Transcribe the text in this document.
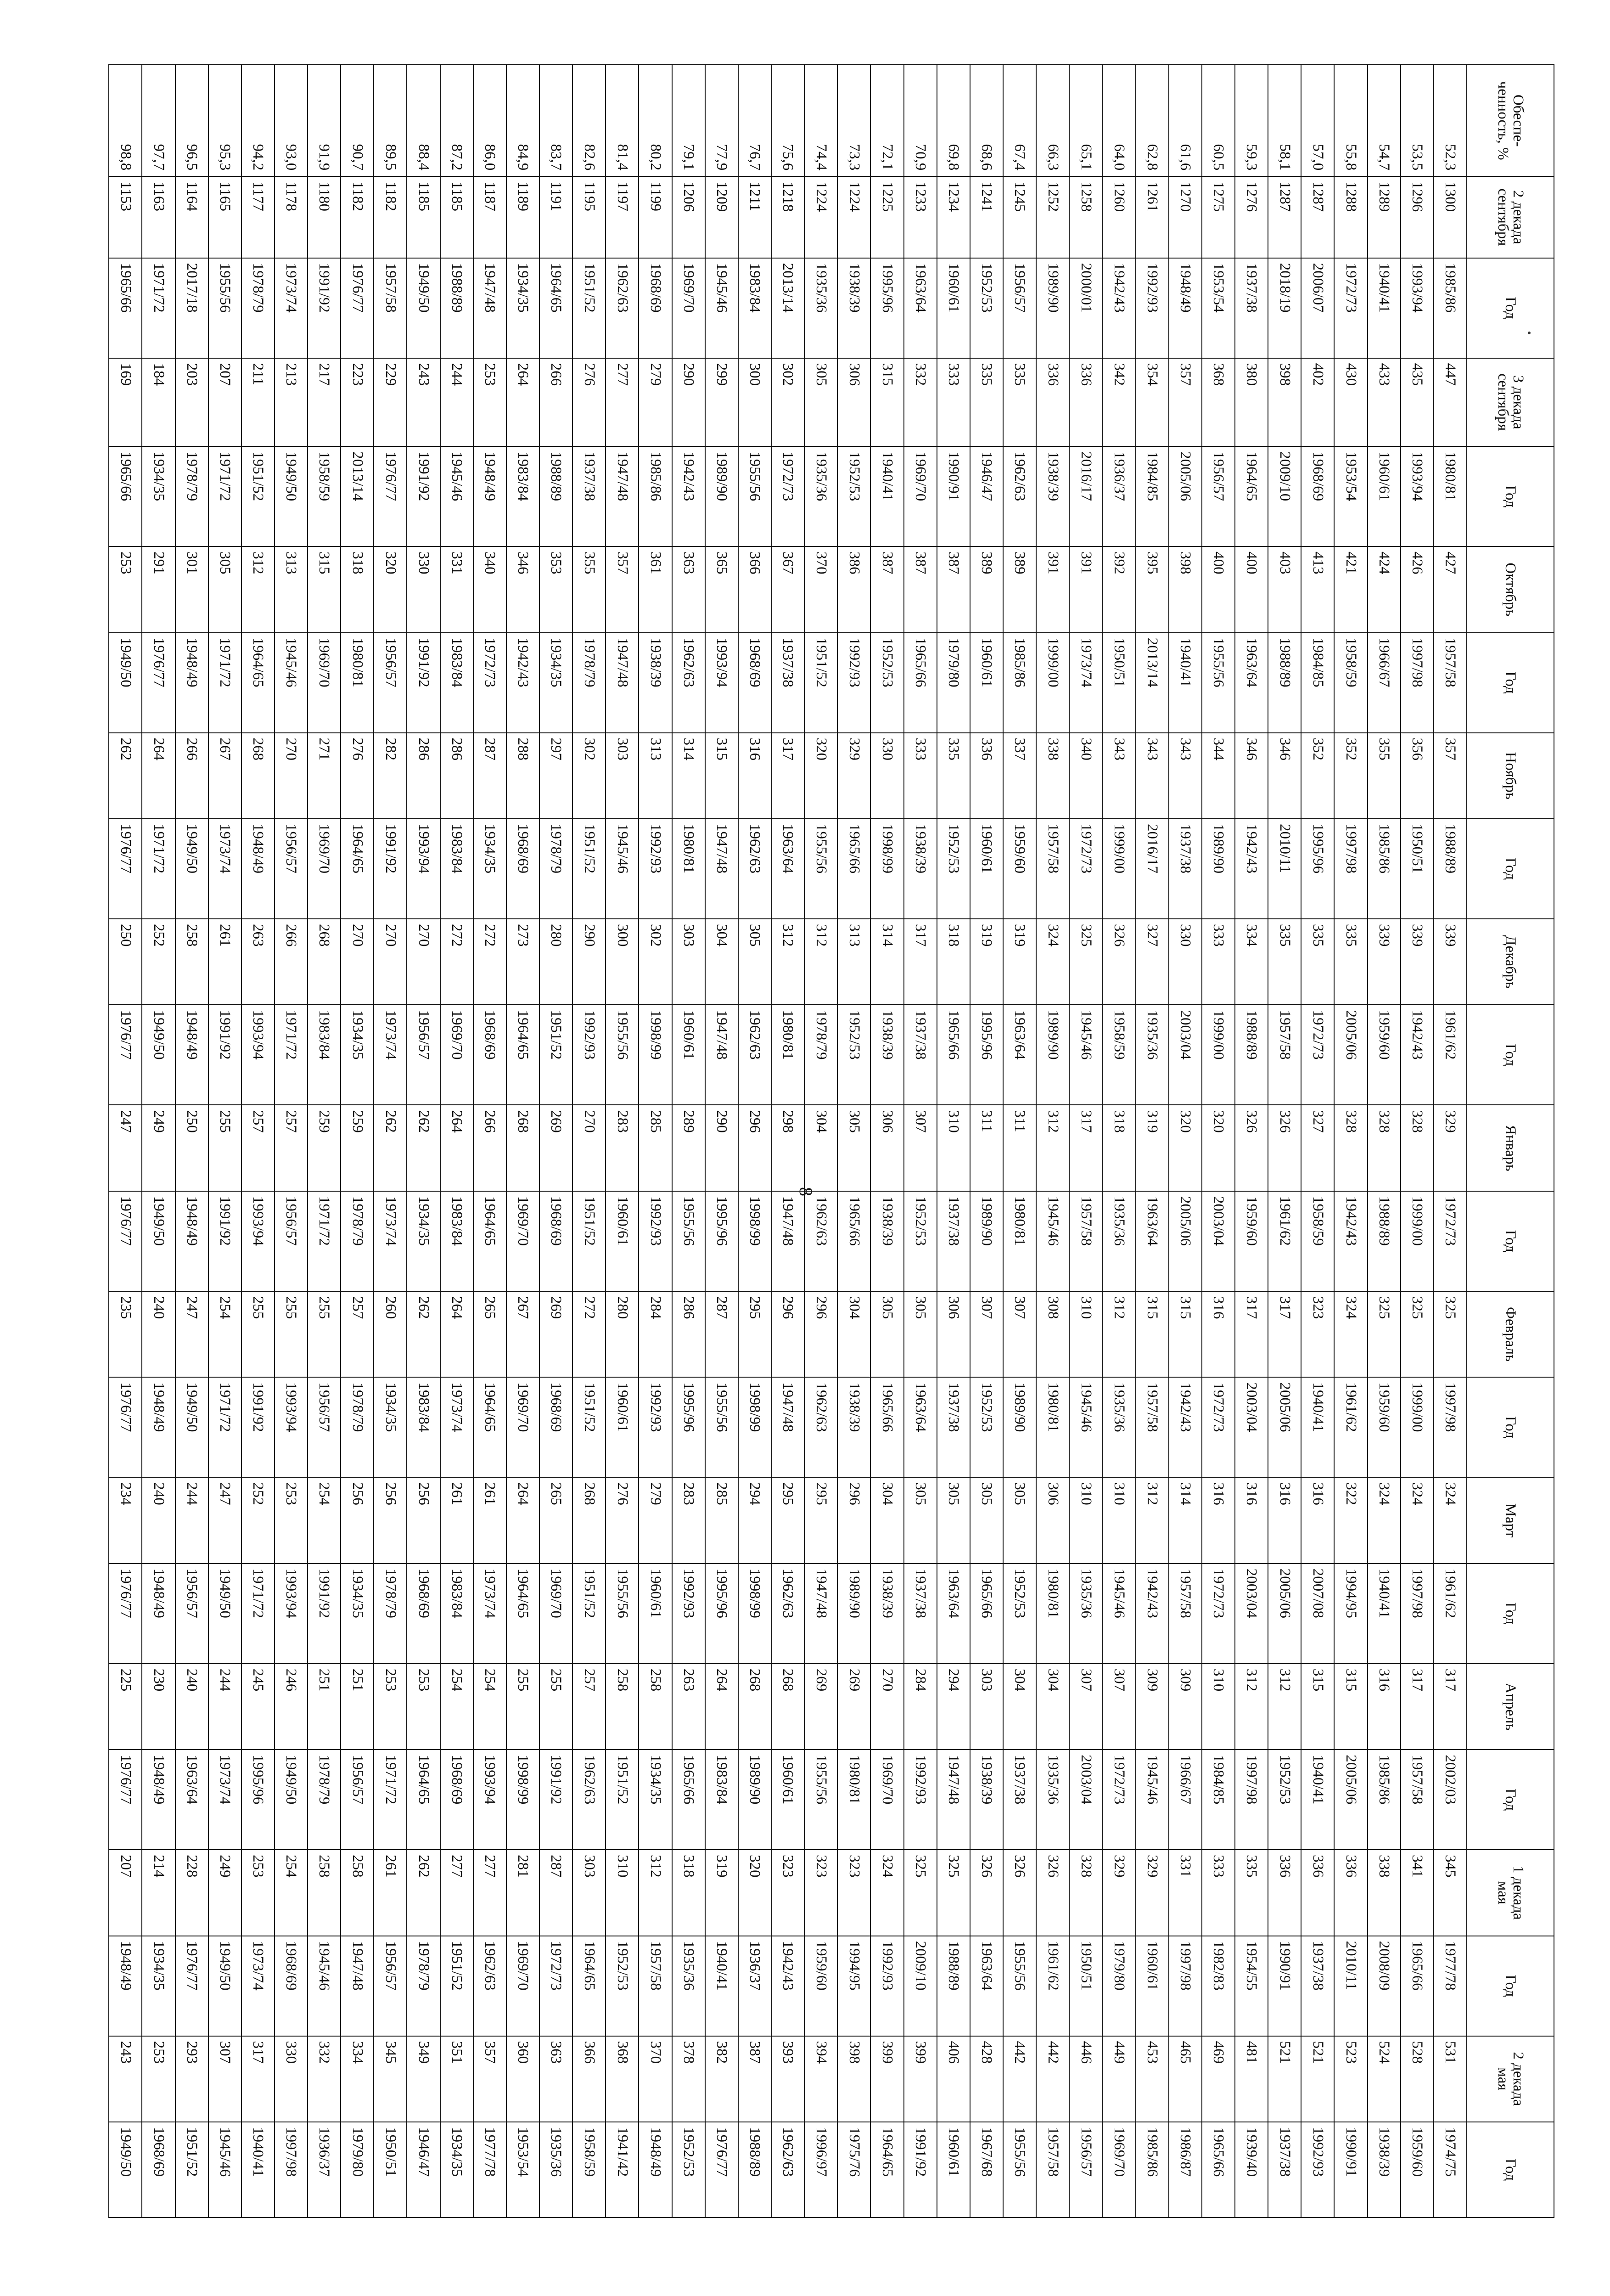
8
Обеспе-ченность, %	2 декада сентября	Год	3 декада сентября	Год	Октябрь	Год	Ноябрь	Год	Декабрь	Год	Январь	Год	Февраль	Год	Март	Год	Апрель	Год	1 декада мая	Год	2 декада мая	Год
52,3	1300	1985/86	447	1980/81	427	1957/58	357	1988/89	339	1961/62	329	1972/73	325	1997/98	324	1961/62	317	2002/03	345	1977/78	531	1974/75
53,5	1296	1993/94	435	1993/94	426	1997/98	356	1950/51	339	1942/43	328	1999/00	325	1999/00	324	1997/98	317	1957/58	341	1965/66	528	1959/60
54,7	1289	1940/41	433	1960/61	424	1966/67	355	1985/86	339	1959/60	328	1988/89	325	1959/60	324	1940/41	316	1985/86	338	2008/09	524	1938/39
55,8	1288	1972/73	430	1953/54	421	1958/59	352	1997/98	335	2005/06	328	1942/43	324	1961/62	322	1994/95	315	2005/06	336	2010/11	523	1990/91
57,0	1287	2006/07	402	1968/69	413	1984/85	352	1995/96	335	1972/73	327	1958/59	323	1940/41	316	2007/08	315	1940/41	336	1937/38	521	1992/93
58,1	1287	2018/19	398	2009/10	403	1988/89	346	2010/11	335	1957/58	326	1961/62	317	2005/06	316	2005/06	312	1952/53	336	1990/91	521	1937/38
59,3	1276	1937/38	380	1964/65	400	1963/64	346	1942/43	334	1988/89	326	1959/60	317	2003/04	316	2003/04	312	1997/98	335	1954/55	481	1939/40
60,5	1275	1953/54	368	1956/57	400	1955/56	344	1989/90	333	1999/00	320	2003/04	316	1972/73	316	1972/73	310	1984/85	333	1982/83	469	1965/66
61,6	1270	1948/49	357	2005/06	398	1940/41	343	1937/38	330	2003/04	320	2005/06	315	1942/43	314	1957/58	309	1966/67	331	1997/98	465	1986/87
62,8	1261	1992/93	354	1984/85	395	2013/14	343	2016/17	327	1935/36	319	1963/64	315	1957/58	312	1942/43	309	1945/46	329	1960/61	453	1985/86
64,0	1260	1942/43	342	1936/37	392	1950/51	343	1999/00	326	1958/59	318	1935/36	312	1935/36	310	1945/46	307	1972/73	329	1979/80	449	1969/70
65,1	1258	2000/01	336	2016/17	391	1973/74	340	1972/73	325	1945/46	317	1957/58	310	1945/46	310	1935/36	307	2003/04	328	1950/51	446	1956/57
66,3	1252	1989/90	336	1938/39	391	1999/00	338	1957/58	324	1989/90	312	1945/46	308	1980/81	306	1980/81	304	1935/36	326	1961/62	442	1957/58
67,4	1245	1956/57	335	1962/63	389	1985/86	337	1959/60	319	1963/64	311	1980/81	307	1989/90	305	1952/53	304	1937/38	326	1955/56	442	1955/56
68,6	1241	1952/53	335	1946/47	389	1960/61	336	1960/61	319	1995/96	311	1989/90	307	1952/53	305	1965/66	303	1938/39	326	1963/64	428	1967/68
69,8	1234	1960/61	333	1990/91	387	1979/80	335	1952/53	318	1965/66	310	1937/38	306	1937/38	305	1963/64	294	1947/48	325	1988/89	406	1960/61
70,9	1233	1963/64	332	1969/70	387	1965/66	333	1938/39	317	1937/38	307	1952/53	305	1963/64	305	1937/38	284	1992/93	325	2009/10	399	1991/92
72,1	1225	1995/96	315	1940/41	387	1952/53	330	1998/99	314	1938/39	306	1938/39	305	1965/66	304	1938/39	270	1969/70	324	1992/93	399	1964/65
73,3	1224	1938/39	306	1952/53	386	1992/93	329	1965/66	313	1952/53	305	1965/66	304	1938/39	296	1989/90	269	1980/81	323	1994/95	398	1975/76
74,4	1224	1935/36	305	1935/36	370	1951/52	320	1955/56	312	1978/79	304	1962/63	296	1962/63	295	1947/48	269	1955/56	323	1959/60	394	1996/97
75,6	1218	2013/14	302	1972/73	367	1937/38	317	1963/64	312	1980/81	298	1947/48	296	1947/48	295	1962/63	268	1960/61	323	1942/43	393	1962/63
76,7	1211	1983/84	300	1955/56	366	1968/69	316	1962/63	305	1962/63	296	1998/99	295	1998/99	294	1998/99	268	1989/90	320	1936/37	387	1988/89
77,9	1209	1945/46	299	1989/90	365	1993/94	315	1947/48	304	1947/48	290	1995/96	287	1955/56	285	1995/96	264	1983/84	319	1940/41	382	1976/77
79,1	1206	1969/70	290	1942/43	363	1962/63	314	1980/81	303	1960/61	289	1955/56	286	1995/96	283	1992/93	263	1965/66	318	1935/36	378	1952/53
80,2	1199	1968/69	279	1985/86	361	1938/39	313	1992/93	302	1998/99	285	1992/93	284	1992/93	279	1960/61	258	1934/35	312	1957/58	370	1948/49
81,4	1197	1962/63	277	1947/48	357	1947/48	303	1945/46	300	1955/56	283	1960/61	280	1960/61	276	1955/56	258	1951/52	310	1952/53	368	1941/42
82,6	1195	1951/52	276	1937/38	355	1978/79	302	1951/52	290	1992/93	270	1951/52	272	1951/52	268	1951/52	257	1962/63	303	1964/65	366	1958/59
83,7	1191	1964/65	266	1988/89	353	1934/35	297	1978/79	280	1951/52	269	1968/69	269	1968/69	265	1969/70	255	1991/92	287	1972/73	363	1935/36
84,9	1189	1934/35	264	1983/84	346	1942/43	288	1968/69	273	1964/65	268	1969/70	267	1969/70	264	1964/65	255	1998/99	281	1969/70	360	1953/54
86,0	1187	1947/48	253	1948/49	340	1972/73	287	1934/35	272	1968/69	266	1964/65	265	1964/65	261	1973/74	254	1993/94	277	1962/63	357	1977/78
87,2	1185	1988/89	244	1945/46	331	1983/84	286	1983/84	272	1969/70	264	1983/84	264	1973/74	261	1983/84	254	1968/69	277	1951/52	351	1934/35
88,4	1185	1949/50	243	1991/92	330	1991/92	286	1993/94	270	1956/57	262	1934/35	262	1983/84	256	1968/69	253	1964/65	262	1978/79	349	1946/47
89,5	1182	1957/58	229	1976/77	320	1956/57	282	1991/92	270	1973/74	262	1973/74	260	1934/35	256	1978/79	253	1971/72	261	1956/57	345	1950/51
90,7	1182	1976/77	223	2013/14	318	1980/81	276	1964/65	270	1934/35	259	1978/79	257	1978/79	256	1934/35	251	1956/57	258	1947/48	334	1979/80
91,9	1180	1991/92	217	1958/59	315	1969/70	271	1969/70	268	1983/84	259	1971/72	255	1956/57	254	1991/92	251	1978/79	258	1945/46	332	1936/37
93,0	1178	1973/74	213	1949/50	313	1945/46	270	1956/57	266	1971/72	257	1956/57	255	1993/94	253	1993/94	246	1949/50	254	1968/69	330	1997/98
94,2	1177	1978/79	211	1951/52	312	1964/65	268	1948/49	263	1993/94	257	1993/94	255	1991/92	252	1971/72	245	1995/96	253	1973/74	317	1940/41
95,3	1165	1955/56	207	1971/72	305	1971/72	267	1973/74	261	1991/92	255	1991/92	254	1971/72	247	1949/50	244	1973/74	249	1949/50	307	1945/46
96,5	1164	2017/18	203	1978/79	301	1948/49	266	1949/50	258	1948/49	250	1948/49	247	1949/50	244	1956/57	240	1963/64	228	1976/77	293	1951/52
97,7	1163	1971/72	184	1934/35	291	1976/77	264	1971/72	252	1949/50	249	1949/50	240	1948/49	240	1948/49	230	1948/49	214	1934/35	253	1968/69
98,8	1153	1965/66	169	1965/66	253	1949/50	262	1976/77	250	1976/77	247	1976/77	235	1976/77	234	1976/77	225	1976/77	207	1948/49	243	1949/50
